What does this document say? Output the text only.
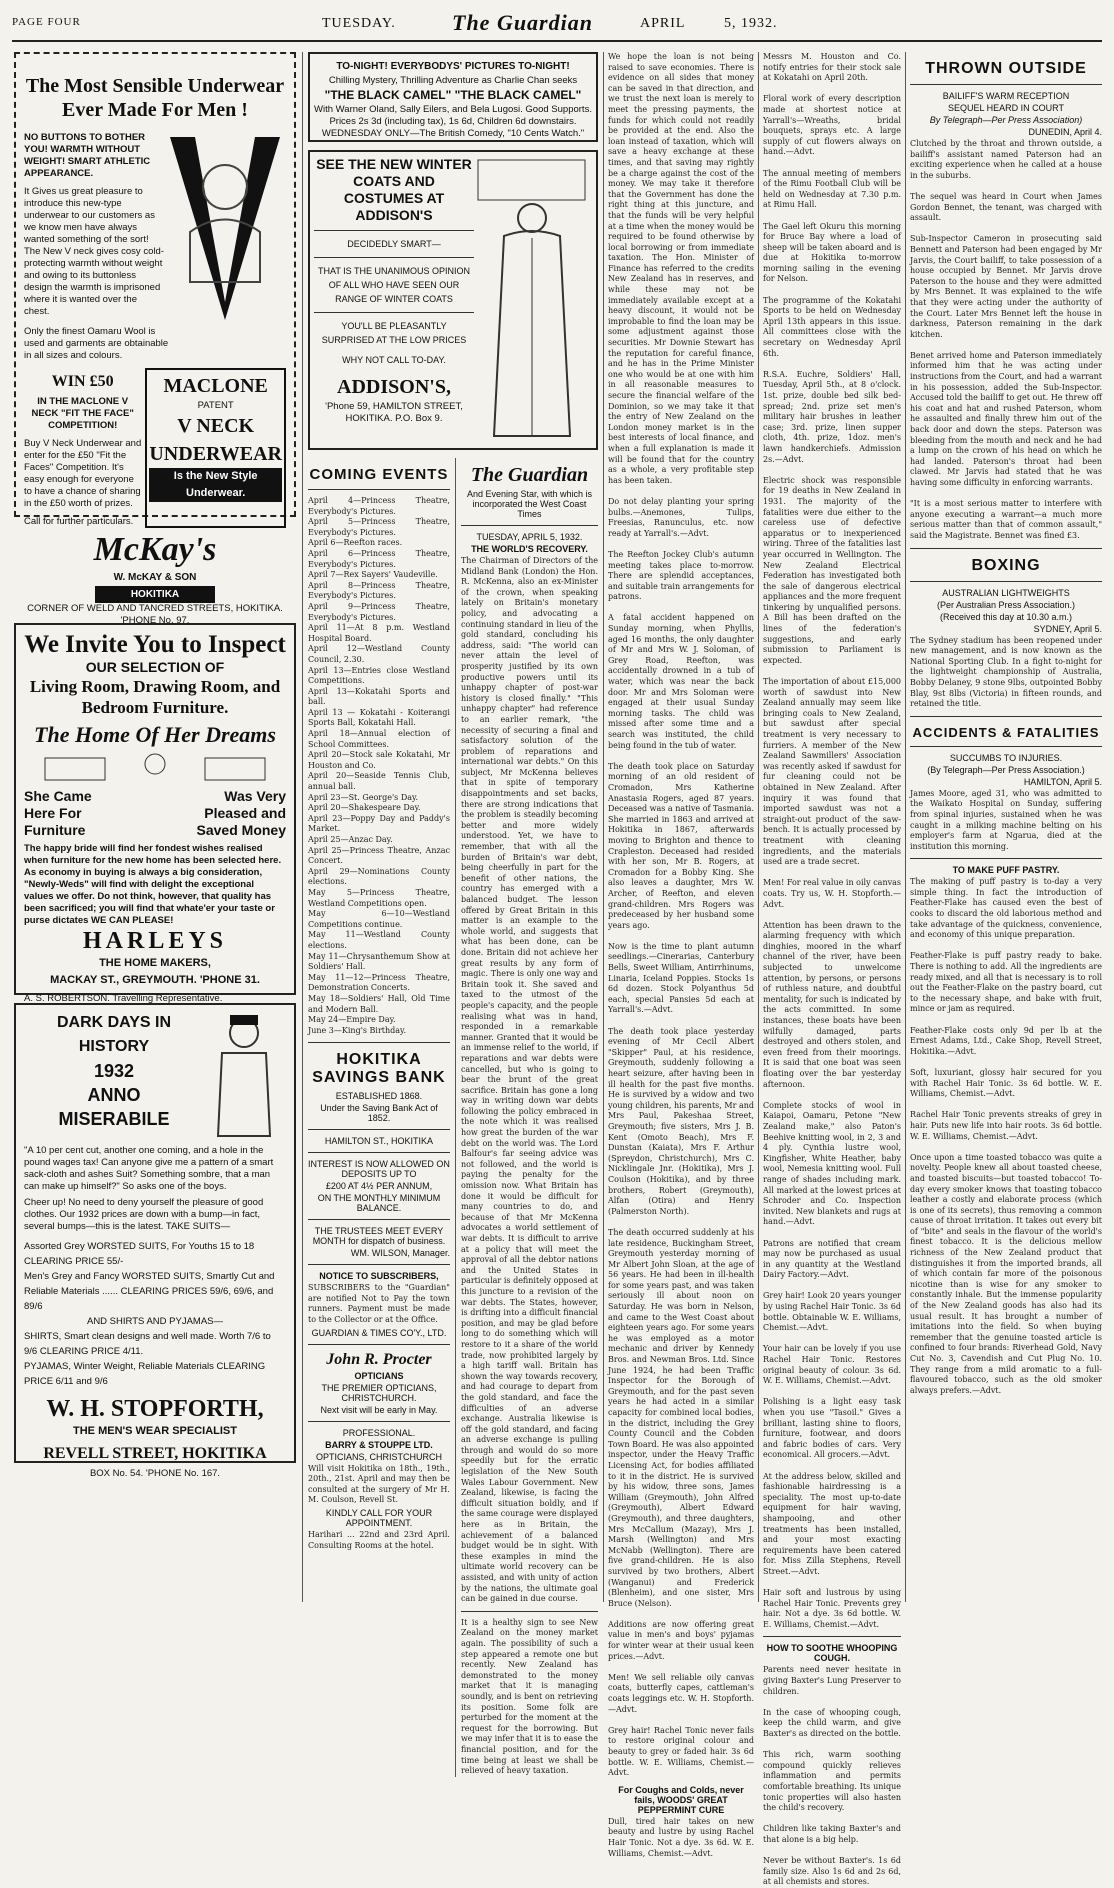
PAGE FOUR	TUESDAY.	The Guardian	APRIL	5, 1932.
The Most Sensible Underwear Ever Made For Men !
NO BUTTONS TO BOTHER YOU! WARMTH WITHOUT WEIGHT! SMART ATHLETIC APPEARANCE.
It Gives us great pleasure to introduce this new-type underwear to our customers as we know men have always wanted something of the sort! The New V neck gives cosy cold-protecting warmth without weight and owing to its buttonless design the warmth is imprisoned where it is wanted over the chest.
Only the finest Oamaru Wool is used and garments are obtainable in all sizes and colours.
WIN £50
IN THE MACLONE V NECK "FIT THE FACE" COMPETITION!
Buy V Neck Underwear and enter for the £50 "Fit the Faces" Competition. It's easy enough for everyone to have a chance of sharing in the £50 worth of prizes.
Call for further particulars.
MACLONE
PATENT
V NECK
UNDERWEAR
Is the New Style Underwear.
McKay's
W. McKAY & SON
HOKITIKA
CORNER OF WELD AND TANCRED STREETS, HOKITIKA.
'PHONE No. 97.
We Invite You to Inspect
OUR SELECTION OF
Living Room, Drawing Room, and Bedroom Furniture.
The Home Of Her Dreams
She Came Here For Furniture
Was Very Pleased and Saved Money
The happy bride will find her fondest wishes realised when furniture for the new home has been selected here. As economy in buying is always a big consideration, "Newly-Weds" will find with delight the exceptional values we offer. Do not think, however, that quality has been sacrificed; you will find that whate'er your taste or purse dictates WE CAN PLEASE!
HARLEYS
THE HOME MAKERS,
MACKAY ST., GREYMOUTH. 'PHONE 31.
A. S. ROBERTSON. Travelling Representative.
DARK DAYS IN
HISTORY
1932
ANNO
MISERABILE
"A 10 per cent cut, another one coming, and a hole in the pound wages tax! Can anyone give me a pattern of a smart sack-cloth and ashes Suit? Something sombre, that a man can make up himself?" So asks one of the boys.
Cheer up! No need to deny yourself the pleasure of good clothes. Our 1932 prices are down with a bump—in fact, several bumps—this is the latest. TAKE SUITS—
Assorted Grey WORSTED SUITS, For Youths 15 to 18 CLEARING PRICE 55/-
Men's Grey and Fancy WORSTED SUITS, Smartly Cut and Reliable Materials ...... CLEARING PRICES 59/6, 69/6, and 89/6
AND SHIRTS AND PYJAMAS—
SHIRTS, Smart clean designs and well made. Worth 7/6 to 9/6 CLEARING PRICE 4/11.
PYJAMAS, Winter Weight, Reliable Materials CLEARING PRICE 6/11 and 9/6
W. H. STOPFORTH,
THE MEN'S WEAR SPECIALIST
REVELL STREET, HOKITIKA
BOX No. 54. 'PHONE No. 167.
TO-NIGHT! EVERYBODYS' PICTURES TO-NIGHT!
Chilling Mystery, Thrilling Adventure as Charlie Chan seeks
"THE BLACK CAMEL" "THE BLACK CAMEL"
With Warner Oland, Sally Eilers, and Bela Lugosi. Good Supports. Prices 2s 3d (including tax), 1s 6d, Children 6d downstairs.
WEDNESDAY ONLY—The British Comedy, "10 Cents Watch."
SEE THE NEW WINTER COATS AND COSTUMES AT ADDISON'S
DECIDEDLY SMART—
THAT IS THE UNANIMOUS OPINION OF ALL WHO HAVE SEEN OUR RANGE OF WINTER COATS
YOU'LL BE PLEASANTLY SURPRISED AT THE LOW PRICES
WHY NOT CALL TO-DAY.
ADDISON'S,
'Phone 59, HAMILTON STREET, HOKITIKA. P.O. Box 9.
COMING EVENTS
April 4—Princess Theatre, Everybody's Pictures.
April 5—Princess Theatre, Everybody's Pictures.
April 6—Reefton races.
April 6—Princess Theatre, Everybody's Pictures.
April 7—Rex Sayers' Vaudeville.
April 8—Princess Theatre, Everybody's Pictures.
April 9—Princess Theatre, Everybody's Pictures.
April 11—At 8 p.m. Westland Hospital Board.
April 12—Westland County Council, 2.30.
April 13—Entries close Westland Competitions.
April 13—Kokatahi Sports and ball.
April 13 — Kokatahi - Koiterangi Sports Ball, Kokatahi Hall.
April 18—Annual election of School Committees.
April 20—Stock sale Kokatahi, Mr Houston and Co.
April 20—Seaside Tennis Club, annual ball.
April 23—St. George's Day.
April 20—Shakespeare Day.
April 23—Poppy Day and Paddy's Market.
April 25—Anzac Day.
April 25—Princess Theatre, Anzac Concert.
April 29—Nominations County elections.
May 5—Princess Theatre, Westland Competitions open.
May 6—10—Westland Competitions continue.
May 11—Westland County elections.
May 11—Chrysanthemum Show at Soldiers' Hall.
May 11—12—Princess Theatre, Demonstration Concerts.
May 18—Soldiers' Hall, Old Time and Modern Ball.
May 24—Empire Day.
June 3—King's Birthday.
HOKITIKA SAVINGS BANK
ESTABLISHED 1868.
Under the Saving Bank Act of 1852.
HAMILTON ST., HOKITIKA
INTEREST IS NOW ALLOWED ON DEPOSITS UP TO
£200 AT 4½ PER ANNUM,
ON THE MONTHLY MINIMUM BALANCE.
THE TRUSTEES MEET EVERY MONTH for dispatch of business.
WM. WILSON, Manager.
NOTICE TO SUBSCRIBERS,
SUBSCRIBERS to the "Guardian" are notified Not to Pay the town runners. Payment must be made to the Collector or at the Office.
GUARDIAN & TIMES CO'Y., LTD.
John R. Procter
OPTICIANS
THE PREMIER OPTICIANS, CHRISTCHURCH.
Next visit will be early in May.
PROFESSIONAL.
BARRY & STOUPPE LTD.
OPTICIANS, CHRISTCHURCH
Will visit Hokitika on 18th., 19th., 20th., 21st. April and may then be consulted at the surgery of Mr H. M. Coulson, Revell St.
KINDLY CALL FOR YOUR APPOINTMENT.
Harihari ... 22nd and 23rd April. Consulting Rooms at the hotel.
The Guardian
And Evening Star, with which is incorporated the West Coast Times
TUESDAY, APRIL 5, 1932.
THE WORLD'S RECOVERY.
The Chairman of Directors of the Midland Bank (London) the Hon. R. McKenna, also an ex-Minister of the crown, when speaking lately on Britain's monetary policy, and advocating a continuing standard in lieu of the gold standard, concluding his address, said: "The world can never attain the level of prosperity justified by its own productive powers until its unhappy chapter of post-war history is closed finally." "This unhappy chapter" had reference to an earlier remark, "the necessity of securing a final and satisfactory solution of the problem of reparations and international war debts." On this subject, Mr McKenna believes that in spite of temporary disappointments and set backs, there are strong indications that the problem is steadily becoming better and more widely understood. Yet, we have to remember, that with all the burden of Britain's war debt, being cheerfully in part for the benefit of other nations, the country has emerged with a balanced budget. The lesson offered by Great Britain in this matter is an example to the whole world, and suggests that what has been done, can be done. Britain did not achieve her great results by any form of magic. There is only one way and Britain took it. She saved and taxed to the utmost of the people's capacity, and the people realising what was in hand, responded in a remarkable manner. Granted that it would be an immense relief to the world, if reparations and war debts were cancelled, but who is going to bear the brunt of the great sacrifice. Britain has gone a long way in writing down war debts following the policy embraced in the note which it was realised how great the burden of the war debt on the world was. The Lord Balfour's far seeing advice was not followed, and the world is paying the penalty for the omission now. What Britain has done it would be difficult for many countries to do, and because of that Mr McKenna advocates a world settlement of war debts. It is difficult to arrive at a policy that will meet the approval of all the debtor nations and the United States in particular is definitely opposed at this juncture to a revision of the war debts. The States, however, is drifting into a difficult financial position, and may be glad before long to do something which will restore to it a share of the world trade, now prohibited largely by a high tariff wall. Britain has shown the way towards recovery, and had courage to depart from the gold standard, and face the difficulties of an adverse exchange. Australia likewise is off the gold standard, and facing an adverse exchange is pulling through and would do so more speedily but for the erratic legislation of the New South Wales Labour Government. New Zealand, likewise, is facing the difficult situation boldly, and if the same courage were displayed here as in Britain, the achievement of a balanced budget would be in sight. With these examples in mind the ultimate world recovery can be assisted, and with unity of action by the nations, the ultimate goal can be gained in due course.
It is a healthy sign to see New Zealand on the money market again. The possibility of such a step appeared a remote one but recently. New Zealand has demonstrated to the money market that it is managing soundly, and is bent on retrieving its position. Some folk are perturbed for the moment at the request for the borrowing. But we may infer that it is to ease the financial position, and for the time being at least we shall be relieved of heavy taxation.
We hope the loan is not being raised to save economies. There is evidence on all sides that money can be saved in that direction, and we trust the next loan is merely to meet the pressing payments, the funds for which could not readily be provided at the end. Also the loan instead of taxation, which will save a heavy exchange at these times, and that saving may rightly be a charge against the cost of the money. We may take it therefore that the Government has done the right thing at this juncture, and that the funds will be very helpful at a time when the money would be required to be found otherwise by local borrowing or from immediate taxation. The Hon. Minister of Finance has referred to the credits New Zealand has in reserves, and while these may not be immediately available except at a heavy discount, it would not be improbable to find the loan may be some adjustment against those securities. Mr Downie Stewart has the reputation for careful finance, and he has in the Prime Minister one who would be at one with him in all reasonable measures to secure the financial welfare of the Dominion, so we may take it that the entry of New Zealand on the London money market is in the best interests of local finance, and when a full explanation is made it will be found that for the country as a whole, a very profitable step has been taken.

Do not delay planting your spring bulbs.—Anemones, Tulips, Freesias, Ranunculus, etc. now ready at Yarrall's.—Advt.

The Reefton Jockey Club's autumn meeting takes place to-morrow. There are splendid acceptances, and suitable train arrangements for patrons.

A fatal accident happened on Sunday morning, when Phyllis, aged 16 months, the only daughter of Mr and Mrs W. J. Soloman, of Grey Road, Reefton, was accidentally drowned in a tub of water, which was near the back door. Mr and Mrs Soloman were engaged at their usual Sunday morning tasks. The child was missed after some time and a search was instituted, the child being found in the tub of water.

The death took place on Saturday morning of an old resident of Cromadon, Mrs Katherine Anastasia Rogers, aged 87 years. Deceased was a native of Tasmania. She married in 1863 and arrived at Hokitika in 1867, afterwards moving to Brighton and thence to Crapleston. Deceased had resided with her son, Mr B. Rogers, at Cromadon for a Bobby King. She also leaves a daughter, Mrs W. Archer, of Reefton, and eleven grand-children. Mrs Rogers was predeceased by her husband some years ago.

Now is the time to plant autumn seedlings.—Cinerarias, Canterbury Bells, Sweet William, Antirrhinums, Linaria, Iceland Poppies. Stocks 1s 6d dozen. Stock Polyanthus 5d each, special Pansies 5d each at Yarrall's.—Advt.

The death took place yesterday evening of Mr Cecil Albert "Skipper" Paul, at his residence, Greymouth, suddenly following a heart seizure, after having been in ill health for the past five months. He is survived by a widow and two young children, his parents, Mr and Mrs Paul, Pakeshaa Street, Greymouth; five sisters, Mrs J. B. Kent (Omoto Beach), Mrs F. Dunstan (Kaiata), Mrs F. Arthur (Spreydon, Christchurch), Mrs C. Nicklingale Jnr. (Hokitika), Mrs J. Coulson (Hokitika), and by three brothers, Robert (Greymouth), Alfan (Otira) and Henry (Palmerston North).

The death occurred suddenly at his late residence, Buckingham Street, Greymouth yesterday morning of Mr Albert John Sloan, at the age of 56 years. He had been in ill-health for some years past, and was taken seriously ill about noon on Saturday. He was born in Nelson, and came to the West Coast about eighteen years ago. For some years he was employed as a motor mechanic and driver by Kennedy Bros. and Newman Bros. Ltd. Since June 1924, he had been Traffic Inspector for the Borough of Greymouth, and for the past seven years he had acted in a similar capacity for combined local bodies, in the district, including the Grey County Council and the Cobden Town Board. He was also appointed inspector, under the Heavy Traffic Licensing Act, for bodies affiliated to it in the district. He is survived by his widow, three sons, James William (Greymouth), John Alfred (Greymouth), Albert Edward (Greymouth), and three daughters, Mrs McCallum (Mazay), Mrs J. Marsh (Wellington) and Mrs McNabb (Wellington). There are five grand-children. He is also survived by two brothers, Albert (Wanganui) and Frederick (Blenheim), and one sister, Mrs Bruce (Nelson).

Additions are now offering great value in men's and boys' pyjamas for winter wear at their usual keen prices.—Advt.

Men! We sell reliable oily canvas coats, butterfly capes, cattleman's coats leggings etc. W. H. Stopforth.—Advt.

Grey hair! Rachel Tonic never fails to restore original colour and beauty to grey or faded hair. 3s 6d bottle. W. E. Williams, Chemist.—Advt.
For Coughs and Colds, never fails, WOODS' GREAT PEPPERMINT CURE
Dull, tired hair takes on new beauty and lustre by using Rachel Hair Tonic. Not a dye. 3s 6d. W. E. Williams, Chemist.—Advt.
Messrs M. Houston and Co. notify entries for their stock sale at Kokatahi on April 20th.

Floral work of every description made at shortest notice at Yarrall's—Wreaths, bridal bouquets, sprays etc. A large supply of cut flowers always on hand.—Advt.

The annual meeting of members of the Rimu Football Club will be held on Wednesday at 7.30 p.m. at Rimu Hall.

The Gael left Okuru this morning for Bruce Bay where a load of sheep will be taken aboard and is due at Hokitika to-morrow morning sailing in the evening for Nelson.

The programme of the Kokatahi Sports to be held on Wednesday April 13th appears in this issue. All committees close with the secretary on Wednesday April 6th.

R.S.A. Euchre, Soldiers' Hall, Tuesday, April 5th., at 8 o'clock. 1st. prize, double bed silk bed-spread; 2nd. prize set men's military hair brushes in leather case; 3rd. prize, linen supper cloth, 4th. prize, 1doz. men's lawn handkerchiefs. Admission 2s.—Advt.

Electric shock was responsible for 19 deaths in New Zealand in 1931. The majority of the fatalities were due either to the careless use of defective apparatus or to inexperienced wiring. Three of the fatalities last year occurred in Wellington. The New Zealand Electrical Federation has investigated both the sale of dangerous electrical appliances and the more frequent tinkering by unqualified persons. A Bill has been drafted on the lines of the federation's suggestions, and early submission to Parliament is expected.

The importation of about £15,000 worth of sawdust into New Zealand annually may seem like bringing coals to New Zealand, but sawdust after special treatment is very necessary to furriers. A member of the New Zealand Sawmillers' Association was recently asked if sawdust for fur cleaning could not be obtained in New Zealand. After inquiry it was found that imported sawdust was not a straight-out product of the saw-bench. It is actually processed by treatment with cleaning ingredients, and the materials used are a trade secret.

Men! For real value in oily canvas coats. Try us, W. H. Stopforth.—Advt.

Attention has been drawn to the alarming frequency with which dinghies, moored in the wharf channel of the river, have been subjected to unwelcome attention, by persons, or persons of ruthless nature, and doubtful mentality, for such is indicated by the acts committed. In some instances, these boats have been wilfully damaged, parts destroyed and others stolen, and even freed from their moorings. It is said that one boat was seen floating over the bar yesterday afternoon.

Complete stocks of wool in Kaiapoi, Oamaru, Petone "New Zealand make," also Paton's Beehive knitting wool, in 2, 3 and 4 ply. Cynthia lustre wool, Kingfisher, White Heather, baby wool, Nemesia knitting wool. Full range of shades including mark. All marked at the lowest prices at Schroder and Co. Inspection invited. New blankets and rugs at hand.—Advt.

Patrons are notified that cream may now be purchased as usual in any quantity at the Westland Dairy Factory.—Advt.

Grey hair! Look 20 years younger by using Rachel Hair Tonic. 3s 6d bottle. Obtainable W. E. Williams, Chemist.—Advt.

Your hair can be lovely if you use Rachel Hair Tonic. Restores original beauty of colour. 3s 6d. W. E. Williams, Chemist.—Advt.

Polishing is a light easy task when you use "Tasoil." Gives a brilliant, lasting shine to floors, furniture, footwear, and doors and fabric bodies of cars. Very economical. All grocers.—Advt.

At the address below, skilled and fashionable hairdressing is a speciality. The most up-to-date equipment for hair waving, shampooing, and other treatments has been installed, and your most exacting requirements have been catered for. Miss Zilla Stephens, Revell Street.—Advt.

Hair soft and lustrous by using Rachel Hair Tonic. Prevents grey hair. Not a dye. 3s 6d bottle. W. E. Williams, Chemist.—Advt.
HOW TO SOOTHE WHOOPING COUGH.
Parents need never hesitate in giving Baxter's Lung Preserver to children.

In the case of whooping cough, keep the child warm, and give Baxter's as directed on the bottle.

This rich, warm soothing compound quickly relieves inflammation and permits comfortable breathing. Its unique tonic properties will also hasten the child's recovery.

Children like taking Baxter's and that alone is a big help.

Never be without Baxter's. 1s 6d family size. Also 1s 6d and 2s 6d, at all chemists and stores.
THROWN OUTSIDE
BAILIFF'S WARM RECEPTION
SEQUEL HEARD IN COURT
By Telegraph—Per Press Association)
DUNEDIN, April 4.
Clutched by the throat and thrown outside, a bailiff's assistant named Paterson had an exciting experience when he called at a house in the suburbs.

The sequel was heard in Court when James Gordon Bennet, the tenant, was charged with assault.

Sub-Inspector Cameron in prosecuting said Bennett and Paterson had been engaged by Mr Jarvis, the Court bailiff, to take possession of a house occupied by Bennet. Mr Jarvis drove Paterson to the house and they were admitted by Mrs Bennet. It was explained to the wife that they were acting under the authority of the Court. Later Mrs Bennet left the house in darkness, Paterson remaining in the dark kitchen.

Benet arrived home and Paterson immediately informed him that he was acting under instructions from the Court, and had a warrant in his possession, added the Sub-Inspector. Accused told the bailiff to get out. He threw off his coat and hat and rushed Paterson, whom he assaulted and finally threw him out of the back door and down the steps. Paterson was bleeding from the mouth and neck and he had a lump on the crown of his head on which he had landed. Paterson's throat had been clawed. Mr Jarvis had stated that he was having some difficulty in enforcing warrants.

"It is a most serious matter to interfere with anyone executing a warrant—a much more serious matter than that of common assault," said the Magistrate. Bennet was fined £3.
BOXING
AUSTRALIAN LIGHTWEIGHTS
(Per Australian Press Association.)
(Received this day at 10.30 a.m.)
SYDNEY, April 5.
The Sydney stadium has been reopened under new management, and is now known as the National Sporting Club. In a fight to-night for the lightweight championship of Australia, Bobby Delaney, 9 stone 9lbs, outpointed Bobby Blay, 9st 8lbs (Victoria) in fifteen rounds, and retained the title.
ACCIDENTS & FATALITIES
SUCCUMBS TO INJURIES.
(By Telegraph—Per Press Association.)
HAMILTON, April 5.
James Moore, aged 31, who was admitted to the Waikato Hospital on Sunday, suffering from spinal injuries, sustained when he was caught in a milking machine belting on his employer's farm at Ngarua, died at the institution this morning.
TO MAKE PUFF PASTRY.
The making of puff pastry is to-day a very simple thing. In fact the introduction of Feather-Flake has caused even the best of cooks to discard the old laborious method and take advantage of the quickness, convenience, and economy of this unique preparation.

Feather-Flake is puff pastry ready to bake. There is nothing to add. All the ingredients are ready mixed, and all that is necessary is to roll out the Feather-Flake on the pastry board, cut to the necessary shape, and bake with fruit, mince or jam as required.

Feather-Flake costs only 9d per lb at the Ernest Adams, Ltd., Cake Shop, Revell Street, Hokitika.—Advt.

Soft, luxuriant, glossy hair secured for you with Rachel Hair Tonic. 3s 6d bottle. W. E. Williams, Chemist.—Advt.

Rachel Hair Tonic prevents streaks of grey in hair. Puts new life into hair roots. 3s 6d bottle. W. E. Williams, Chemist.—Advt.

Once upon a time toasted tobacco was quite a novelty. People knew all about toasted cheese, and toasted biscuits—but toasted tobacco! To-day every smoker knows that toasting tobacco leather a costly and elaborate process (which is one of its secrets), thus removing a common cause of throat irritation. It takes out every bit of "bite" and seals in the flavour of the world's finest tobacco. It is the delicious mellow richness of the New Zealand product that distinguishes it from the imported brands, all of which contain far more of the poisonous nicotine than is wise for any smoker to constantly inhale. But the immense popularity of the New Zealand goods has also had its usual result. It has brought a number of imitations into the field. So when buying remember that the genuine toasted article is confined to four brands: Riverhead Gold, Navy Cut No. 3, Cavendish and Cut Plug No. 10. They range from a mild aromatic to a full-flavoured tobacco, such as the old smoker always prefers.—Advt.
